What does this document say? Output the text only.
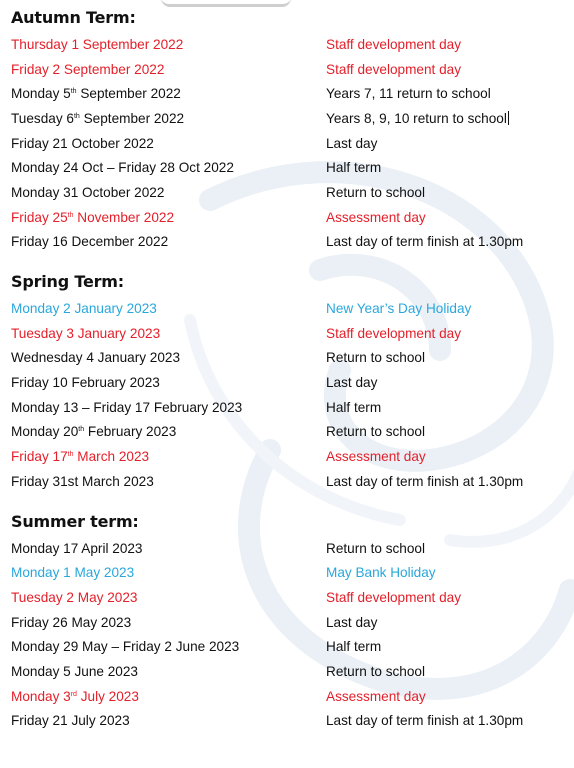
Autumn Term:
Thursday 1 September 2022	Staff development day
Friday 2 September 2022	Staff development day
Monday 5th September 2022	Years 7, 11 return to school
Tuesday 6th September 2022	Years 8, 9, 10 return to school
Friday 21 October 2022	Last day
Monday 24 Oct – Friday 28 Oct 2022	Half term
Monday 31 October 2022	Return to school
Friday 25th November 2022	Assessment day
Friday 16 December 2022	Last day of term finish at 1.30pm
Spring Term:
Monday 2 January 2023	New Year’s Day Holiday
Tuesday 3 January 2023	Staff development day
Wednesday 4 January 2023	Return to school
Friday 10 February 2023	Last day
Monday 13 – Friday 17 February 2023	Half term
Monday 20th February 2023	Return to school
Friday 17th March 2023	Assessment day
Friday 31st March 2023	Last day of term finish at 1.30pm
Summer term:
Monday 17 April 2023	Return to school
Monday 1 May 2023	May Bank Holiday
Tuesday 2 May 2023	Staff development day
Friday 26 May 2023	Last day
Monday 29 May – Friday 2 June 2023	Half term
Monday 5 June 2023	Return to school
Monday 3rd July 2023	Assessment day
Friday 21 July 2023	Last day of term finish at 1.30pm
